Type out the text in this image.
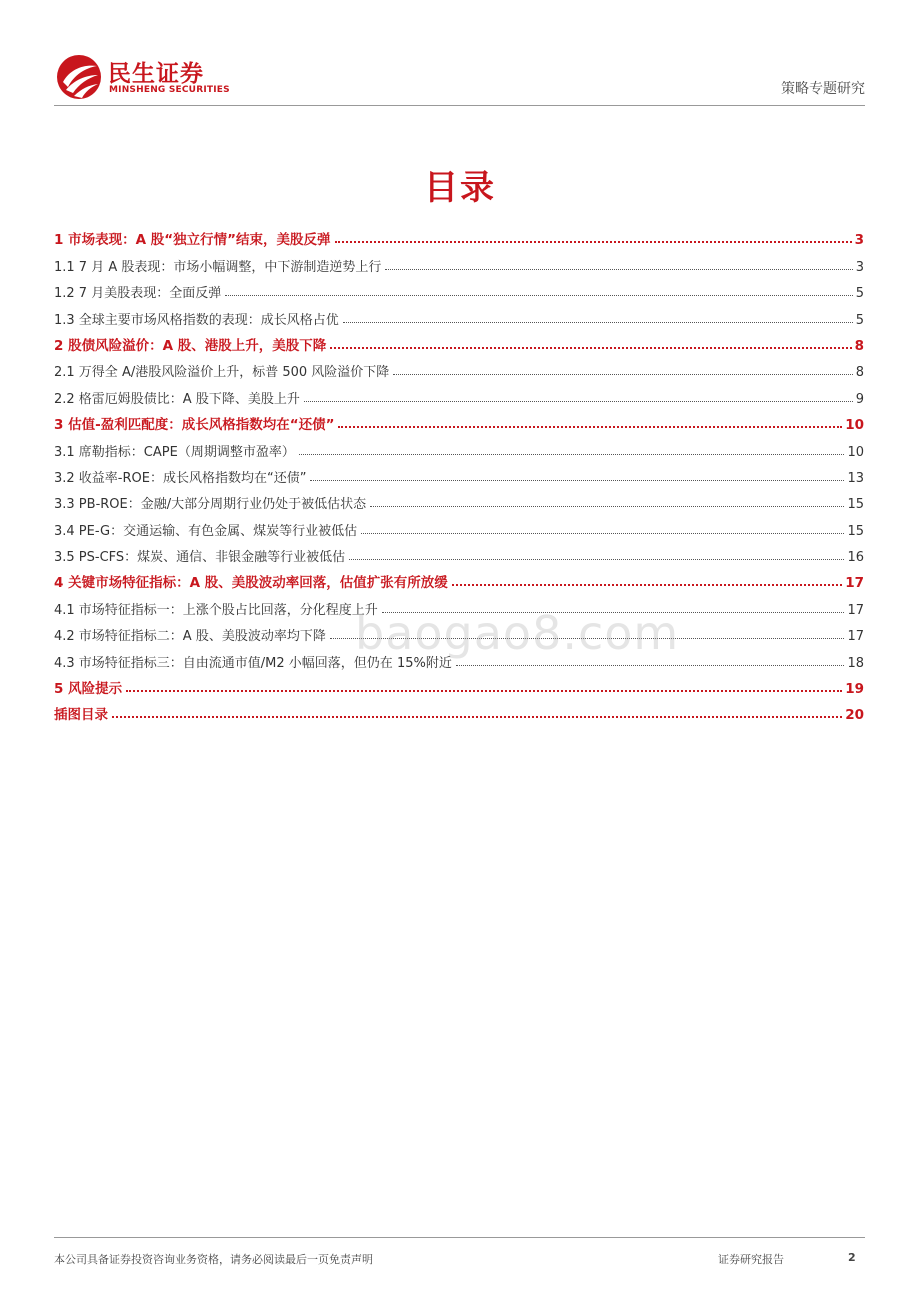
民生证券
MINSHENG SECURITIES	策略专题研究
目录
1 市场表现：A 股“独立行情”结束，美股反弹	3
1.1 7 月 A 股表现：市场小幅调整，中下游制造逆势上行	3
1.2 7 月美股表现：全面反弹	5
1.3 全球主要市场风格指数的表现：成长风格占优	5
2 股债风险溢价：A 股、港股上升，美股下降	8
2.1 万得全 A/港股风险溢价上升，标普 500 风险溢价下降	8
2.2 格雷厄姆股债比：A 股下降、美股上升	9
3 估值-盈利匹配度：成长风格指数均在“还债”	10
3.1 席勒指标：CAPE（周期调整市盈率）	10
3.2 收益率-ROE：成长风格指数均在“还债”	13
3.3 PB-ROE：金融/大部分周期行业仍处于被低估状态	15
3.4 PE-G：交通运输、有色金属、煤炭等行业被低估	15
3.5 PS-CFS：煤炭、通信、非银金融等行业被低估	16
4 关键市场特征指标：A 股、美股波动率回落，估值扩张有所放缓	17
4.1 市场特征指标一：上涨个股占比回落，分化程度上升	17
4.2 市场特征指标二：A 股、美股波动率均下降	17
4.3 市场特征指标三：自由流通市值/M2 小幅回落，但仍在 15%附近	18
5 风险提示	19
插图目录	20
baogao8.com
本公司具备证券投资咨询业务资格，请务必阅读最后一页免责声明	证券研究报告	2
